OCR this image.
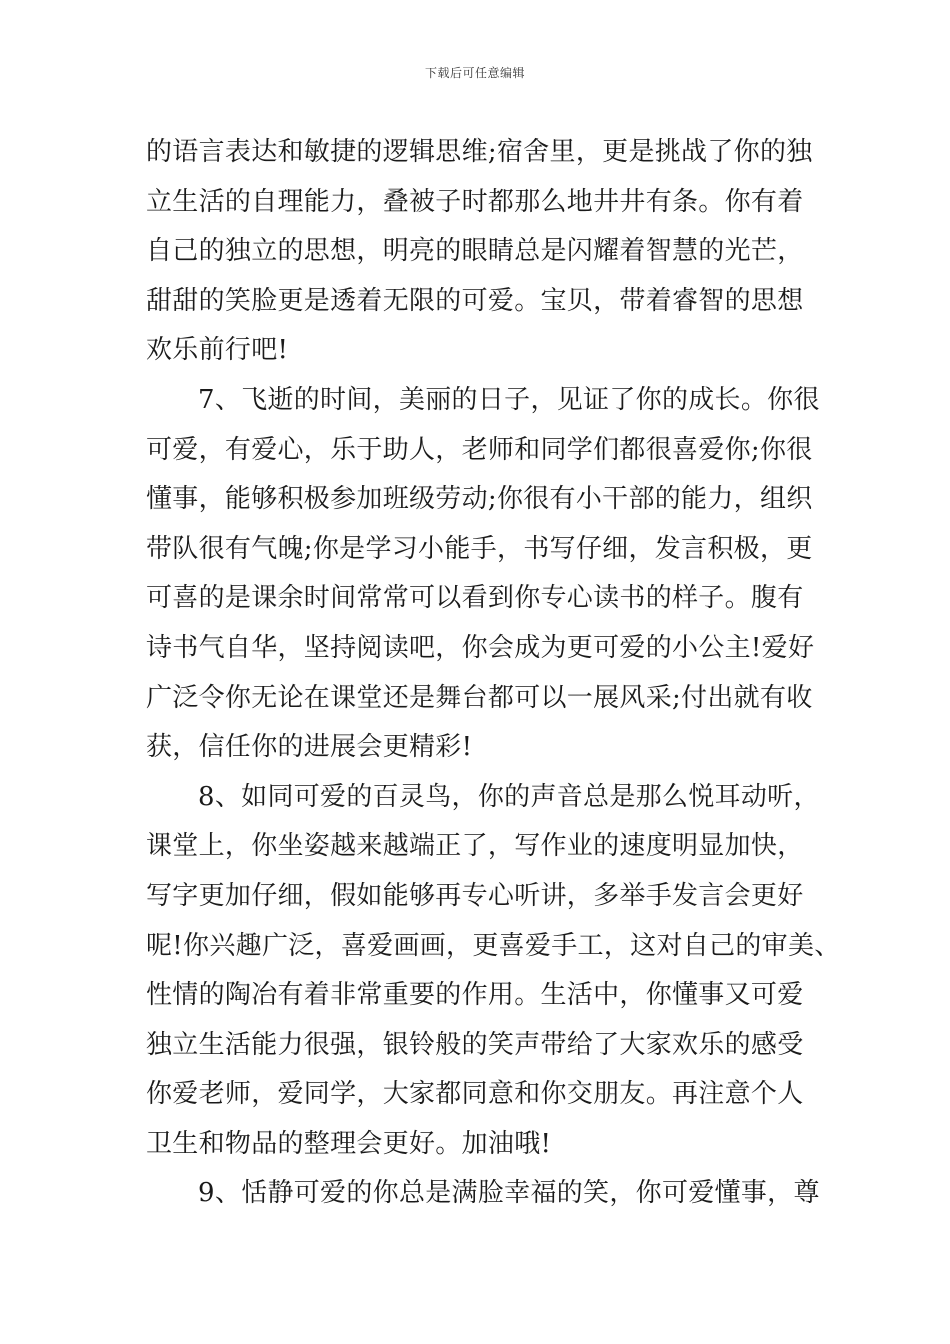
下载后可任意编辑
的语言表达和敏捷的逻辑思维;宿舍里，更是挑战了你的独
立生活的自理能力，叠被子时都那么地井井有条。你有着
自己的独立的思想，明亮的眼睛总是闪耀着智慧的光芒，
甜甜的笑脸更是透着无限的可爱。宝贝，带着睿智的思想
欢乐前行吧!
7、飞逝的时间，美丽的日子，见证了你的成长。你很
可爱，有爱心，乐于助人，老师和同学们都很喜爱你;你很
懂事，能够积极参加班级劳动;你很有小干部的能力，组织
带队很有气魄;你是学习小能手，书写仔细，发言积极，更
可喜的是课余时间常常可以看到你专心读书的样子。腹有
诗书气自华，坚持阅读吧，你会成为更可爱的小公主!爱好
广泛令你无论在课堂还是舞台都可以一展风采;付出就有收
获，信任你的进展会更精彩!
8、如同可爱的百灵鸟，你的声音总是那么悦耳动听，
课堂上，你坐姿越来越端正了，写作业的速度明显加快，
写字更加仔细，假如能够再专心听讲，多举手发言会更好
呢!你兴趣广泛，喜爱画画，更喜爱手工，这对自己的审美、
性情的陶冶有着非常重要的作用。生活中，你懂事又可爱
独立生活能力很强，银铃般的笑声带给了大家欢乐的感受
你爱老师，爱同学，大家都同意和你交朋友。再注意个人
卫生和物品的整理会更好。加油哦!
9、恬静可爱的你总是满脸幸福的笑，你可爱懂事，尊
